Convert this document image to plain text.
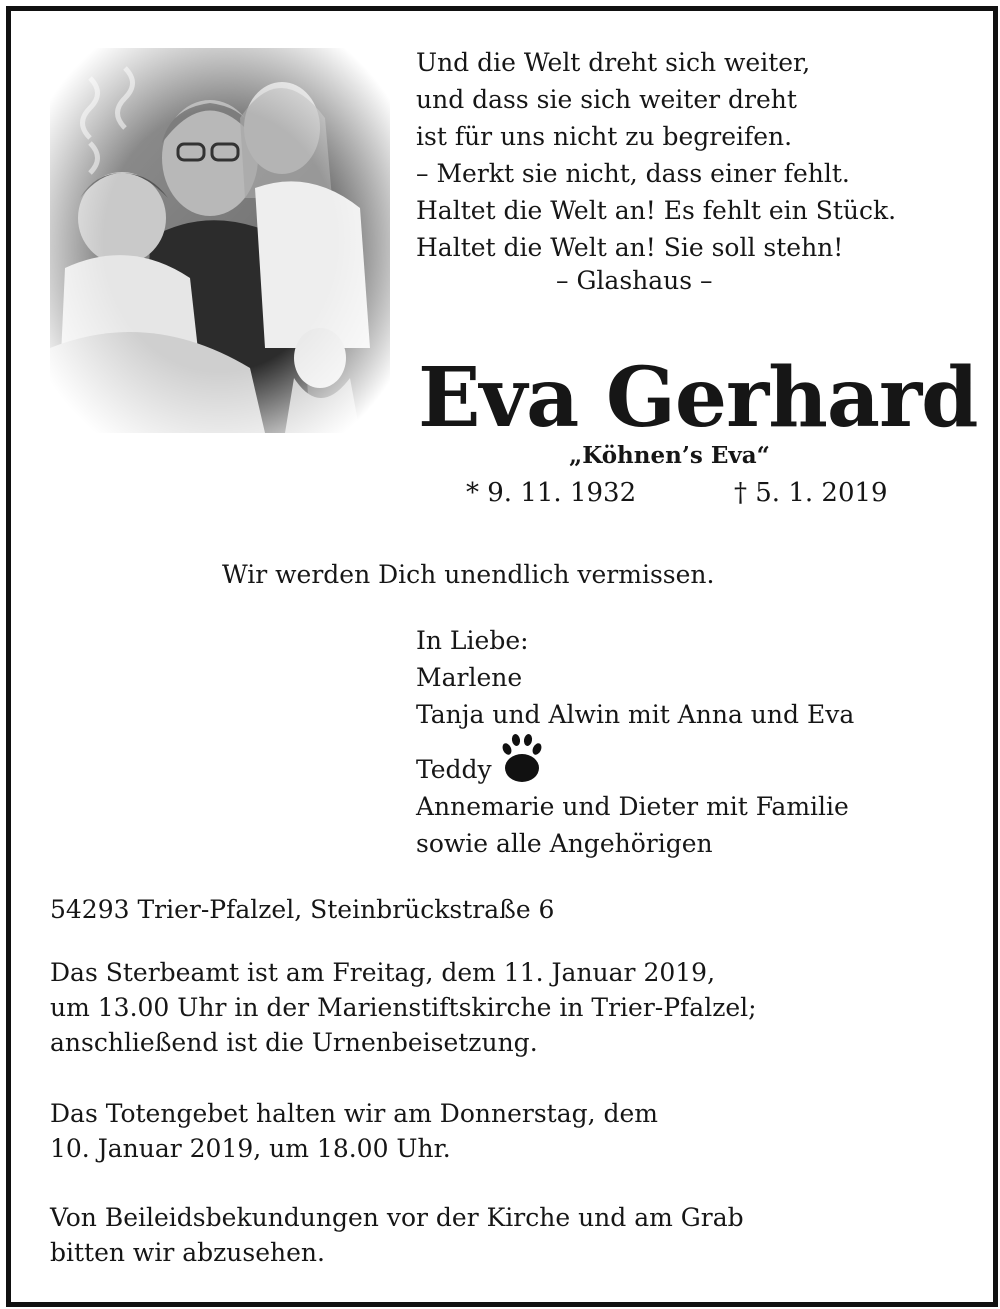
Und die Welt dreht sich weiter,
und dass sie sich weiter dreht
ist für uns nicht zu begreifen.
– Merkt sie nicht, dass einer fehlt.
Haltet die Welt an! Es fehlt ein Stück.
Haltet die Welt an! Sie soll stehn!
– Glashaus –
Eva Gerhard
„Köhnen’s Eva“
* 9. 11. 1932	† 5. 1. 2019
Wir werden Dich unendlich vermissen.
In Liebe:
Marlene
Tanja und Alwin mit Anna und Eva
Teddy
Annemarie und Dieter mit Familie
sowie alle Angehörigen
54293 Trier-Pfalzel, Steinbrückstraße 6
Das Sterbeamt ist am Freitag, dem 11. Januar 2019,
um 13.00 Uhr in der Marienstiftskirche in Trier-Pfalzel;
anschließend ist die Urnenbeisetzung.
Das Totengebet halten wir am Donnerstag, dem
10. Januar 2019, um 18.00 Uhr.
Von Beileidsbekundungen vor der Kirche und am Grab
bitten wir abzusehen.
